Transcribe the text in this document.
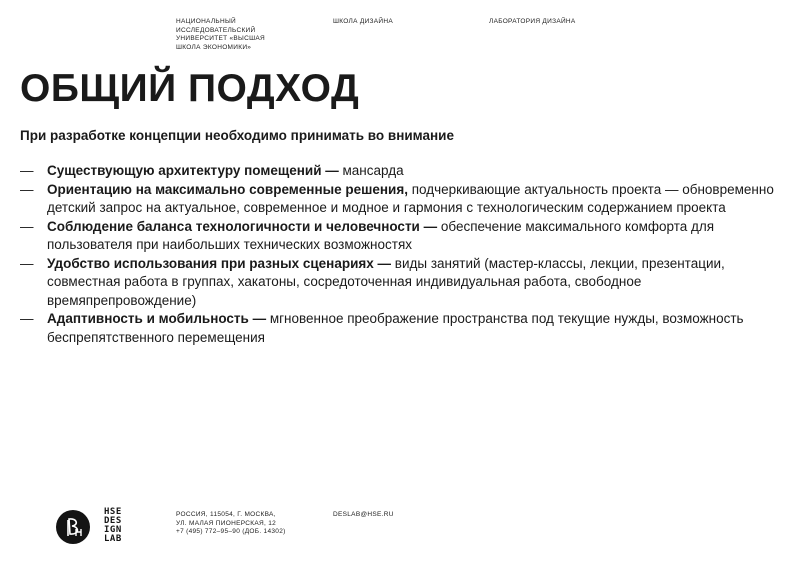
НАЦИОНАЛЬНЫЙ
ИССЛЕДОВАТЕЛЬСКИЙ
УНИВЕРСИТЕТ «ВЫСШАЯ
ШКОЛА ЭКОНОМИКИ»
ШКОЛА ДИЗАЙНА	ЛАБОРАТОРИЯ ДИЗАЙНА
ОБЩИЙ ПОДХОД

При разработке концепции необходимо принимать во внимание

— Существующую архитектуру помещений — мансарда
— Ориентацию на максимально современные решения, подчеркивающие актуальность проекта — обновременно детский запрос на актуальное, современное и модное и гармония с технологическим содержанием проекта
— Соблюдение баланса технологичности и человечности — обеспечение максимального комфорта для пользователя при наибольших технических возможностях
— Удобство использования при разных сценариях — виды занятий (мастер-классы, лекции, презентации, совместная работа в группах, хакатоны, сосредоточенная индивидуальная работа, свободное времяпрепровождение)
— Адаптивность и мобильность — мгновенное преображение пространства под текущие нужды, возможность беспрепятственного перемещения
HSE
DES
IGN
LAB
РОССИЯ, 115054, Г. МОСКВА,
УЛ. МАЛАЯ ПИОНЕРСКАЯ, 12
+7 (495) 772–95–90 (ДОБ. 14302)
DESLAB@HSE.RU
